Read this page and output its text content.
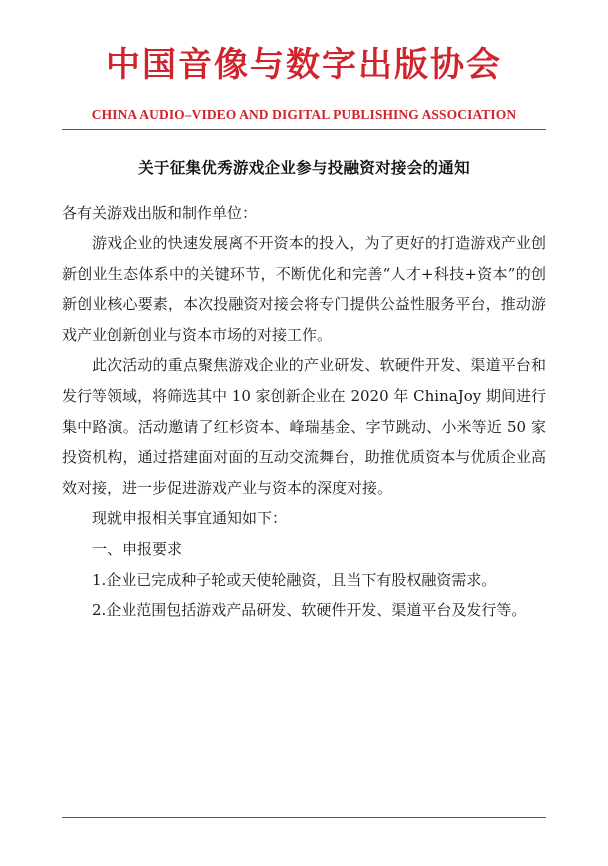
中国音像与数字出版协会
CHINA AUDIO–VIDEO AND DIGITAL PUBLISHING ASSOCIATION
关于征集优秀游戏企业参与投融资对接会的通知

各有关游戏出版和制作单位：

游戏企业的快速发展离不开资本的投入，为了更好的打造游戏产业创新创业生态体系中的关键环节，不断优化和完善“人才+科技+资本”的创新创业核心要素，本次投融资对接会将专门提供公益性服务平台，推动游戏产业创新创业与资本市场的对接工作。

此次活动的重点聚焦游戏企业的产业研发、软硬件开发、渠道平台和发行等领域，将筛选其中 10 家创新企业在 2020 年 ChinaJoy 期间进行集中路演。活动邀请了红杉资本、峰瑞基金、字节跳动、小米等近 50 家投资机构，通过搭建面对面的互动交流舞台，助推优质资本与优质企业高效对接，进一步促进游戏产业与资本的深度对接。

现就申报相关事宜通知如下：

一、申报要求

1.企业已完成种子轮或天使轮融资，且当下有股权融资需求。

2.企业范围包括游戏产品研发、软硬件开发、渠道平台及发行等。
